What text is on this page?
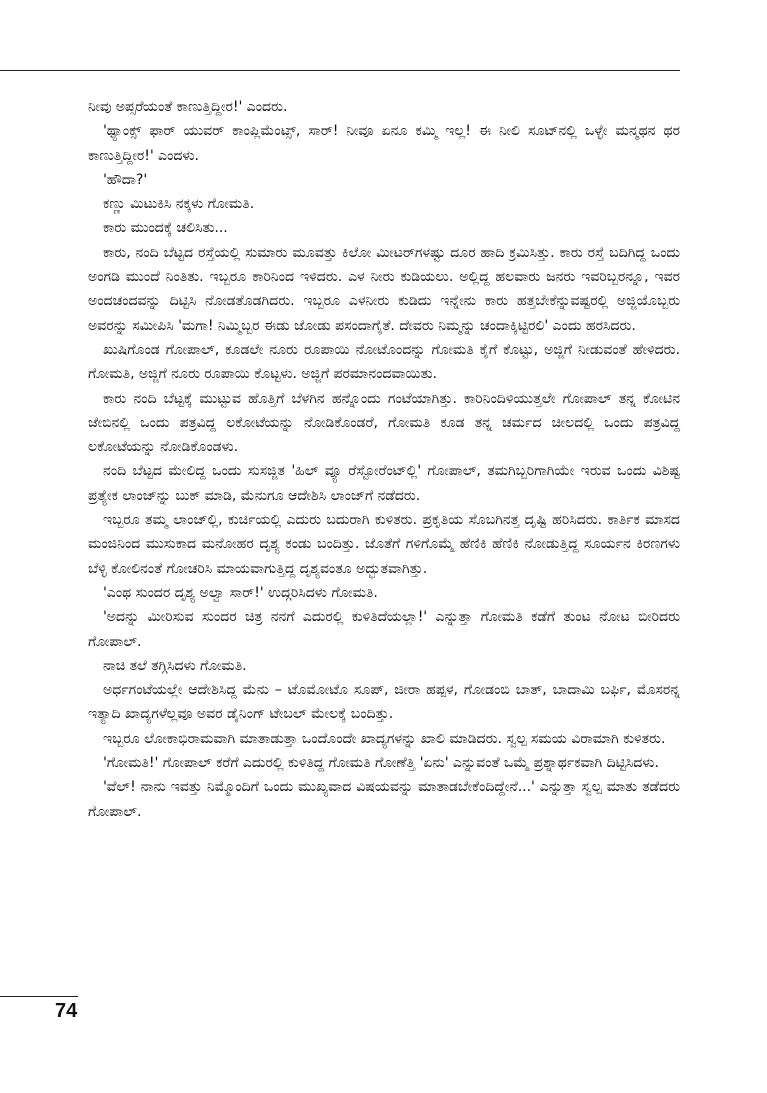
ನೀವು ಅಪ್ಸರೆಯಂತೆ ಕಾಣುತ್ತಿದ್ದೀರ!' ಎಂದರು.

'ಥ್ಯಾಂಕ್ಸ್ ಫಾರ್ ಯುವರ್ ಕಾಂಪ್ಲಿಮೆಂಟ್ಸ್, ಸಾರ್! ನೀವೂ ಏನೂ ಕಮ್ಮಿ ಇಲ್ಲ! ಈ ನೀಲಿ ಸೂಟ್‌ನಲ್ಲಿ ಒಳ್ಳೇ ಮನ್ಮಥನ ಥರ ಕಾಣುತ್ತಿದ್ದೀರ!' ಎಂದಳು.

'ಹೌದಾ?'

ಕಣ್ಣು ಮಿಟುಕಿಸಿ ನಕ್ಕಳು ಗೋಮತಿ.

ಕಾರು ಮುಂದಕ್ಕೆ ಚಲಿಸಿತು...

ಕಾರು, ನಂದಿ ಬೆಟ್ಟದ ರಸ್ತೆಯಲ್ಲಿ ಸುಮಾರು ಮೂವತ್ತು ಕಿಲೋ ಮೀಟರ್‌ಗಳಷ್ಟು ದೂರ ಹಾದಿ ಕ್ರಮಿಸಿತ್ತು. ಕಾರು ರಸ್ತೆ ಬದಿಗಿದ್ದ ಒಂದು ಅಂಗಡಿ ಮುಂದೆ ನಿಂತಿತು. ಇಬ್ಬರೂ ಕಾರಿನಿಂದ ಇಳಿದರು. ಎಳ ನೀರು ಕುಡಿಯಲು. ಅಲ್ಲಿದ್ದ ಹಲವಾರು ಜನರು ಇವರಿಬ್ಬರನ್ನೂ, ಇವರ ಅಂದಚಂದವನ್ನು ದಿಟ್ಟಿಸಿ ನೋಡತೊಡಗಿದರು. ಇಬ್ಬರೂ ಎಳನೀರು ಕುಡಿದು ಇನ್ನೇನು ಕಾರು ಹತ್ತಬೇಕೆನ್ನುವಷ್ಟರಲ್ಲಿ ಅಜ್ಜಿಯೊಬ್ಬರು ಅವರನ್ನು ಸಮೀಪಿಸಿ 'ಮಗಾ! ನಿಮ್ಮಿಬ್ಬರ ಈಡು ಜೋಡು ಪಸಂದಾಗೈತೆ. ದೇವರು ನಿಮ್ಮನ್ನು ಚಂದಾಕ್ಕಿಟ್ಟಿರಲಿ' ಎಂದು ಹರಸಿದರು.

ಖುಷಿಗೊಂಡ ಗೋಪಾಲ್, ಕೂಡಲೇ ನೂರು ರೂಪಾಯಿ ನೋಟೊಂದನ್ನು ಗೋಮತಿ ಕೈಗೆ ಕೊಟ್ಟು, ಅಜ್ಜಿಗೆ ನೀಡುವಂತೆ ಹೇಳಿದರು. ಗೋಮತಿ, ಅಜ್ಜಿಗೆ ನೂರು ರೂಪಾಯಿ ಕೊಟ್ಟಳು. ಅಜ್ಜಿಗೆ ಪರಮಾನಂದವಾಯಿತು.

ಕಾರು ನಂದಿ ಬೆಟ್ಟಕ್ಕೆ ಮುಟ್ಟುವ ಹೊತ್ತಿಗೆ ಬೆಳಗಿನ ಹನ್ನೊಂದು ಗಂಟೆಯಾಗಿತ್ತು. ಕಾರಿನಿಂದಿಳಿಯುತ್ತಲೇ ಗೋಪಾಲ್ ತನ್ನ ಕೋಟಿನ ಜೇಬಿನಲ್ಲಿ ಒಂದು ಪತ್ರವಿದ್ದ ಲಕೋಟೆಯನ್ನು ನೋಡಿಕೊಂಡರೆ, ಗೋಮತಿ ಕೂಡ ತನ್ನ ಚರ್ಮದ ಚೀಲದಲ್ಲಿ ಒಂದು ಪತ್ರವಿದ್ದ ಲಕೋಟೆಯನ್ನು ನೋಡಿಕೊಂಡಳು.

ನಂದಿ ಬೆಟ್ಟದ ಮೇಲಿದ್ದ ಒಂದು ಸುಸಜ್ಜಿತ 'ಹಿಲ್ ವ್ಯೂ ರೆಸ್ಟೋರೆಂಟ್‌ಲ್ಲಿ' ಗೋಪಾಲ್, ತಮಗಿಬ್ಬರಿಗಾಗಿಯೇ ಇರುವ ಒಂದು ವಿಶಿಷ್ಟ ಪ್ರತ್ಯೇಕ ಲಾಂಜ್‌ನ್ನು ಬುಕ್ ಮಾಡಿ, ಮೆನುಗೂ ಆದೇಶಿಸಿ ಲಾಂಜ್‌ಗೆ ನಡೆದರು.

ಇಬ್ಬರೂ ತಮ್ಮ ಲಾಂಜ್‌ಲ್ಲಿ, ಕುರ್ಚಿಯಲ್ಲಿ ಎದುರು ಬದುರಾಗಿ ಕುಳಿತರು. ಪ್ರಕೃತಿಯ ಸೊಬಗಿನತ್ತ ದೃಷ್ಟಿ ಹರಿಸಿದರು. ಕಾರ್ತಿಕ ಮಾಸದ ಮಂಜಿನಿಂದ ಮುಸುಕಾದ ಮನೋಹರ ದೃಶ್ಯ ಕಂಡು ಬಂದಿತ್ತು. ಜೊತೆಗೆ ಗಳಿಗೊಮ್ಮೆ ಹೆಣಿಕಿ ಹೆಣಿಕಿ ನೋಡುತ್ತಿದ್ದ ಸೂರ್ಯನ ಕಿರಣಗಳು ಬೆಳ್ಳಿ ಕೋಲಿನಂತೆ ಗೋಚರಿಸಿ ಮಾಯವಾಗುತ್ತಿದ್ದ ದೃಶ್ಯವಂತೂ ಅದ್ಭುತವಾಗಿತ್ತು.

'ಎಂಥ ಸುಂದರ ದೃಶ್ಯ ಅಲ್ವಾ ಸಾರ್!' ಉದ್ಗರಿಸಿದಳು ಗೋಮತಿ.

'ಅದನ್ನು ಮೀರಿಸುವ ಸುಂದರ ಚಿತ್ರ ನನಗೆ ಎದುರಲ್ಲಿ ಕುಳಿತಿದೆಯಲ್ಲಾ!' ಎನ್ನುತ್ತಾ ಗೋಮತಿ ಕಡೆಗೆ ತುಂಟ ನೋಟ ಬೀರಿದರು ಗೋಪಾಲ್.

ನಾಚಿ ತಲೆ ತಗ್ಗಿಸಿದಳು ಗೋಮತಿ.

ಅರ್ಧಗಂಟೆಯಲ್ಲೇ ಆದೇಶಿಸಿದ್ದ ಮೆನು – ಟೊಮೋಟೊ ಸೂಪ್, ಜೀರಾ ಹಪ್ಪಳ, ಗೋಡಂಬಿ ಬಾತ್, ಬಾದಾಮಿ ಬರ್ಫಿ, ಮೊಸರನ್ನ ಇತ್ಯಾದಿ ಖಾದ್ಯಗಳೆಲ್ಲವೂ ಅವರ ಡೈನಿಂಗ್ ಟೇಬಲ್ ಮೇಲಕ್ಕೆ ಬಂದಿತ್ತು.

ಇಬ್ಬರೂ ಲೋಕಾಭಿರಾಮವಾಗಿ ಮಾತಾಡುತ್ತಾ ಒಂದೊಂದೇ ಖಾದ್ಯಗಳನ್ನು ಖಾಲಿ ಮಾಡಿದರು. ಸ್ವಲ್ಪ ಸಮಯ ವಿರಾಮಾಗಿ ಕುಳಿತರು.

'ಗೋಮತಿ!' ಗೋಪಾಲ್ ಕರೆಗೆ ಎದುರಲ್ಲಿ ಕುಳಿತಿದ್ದ ಗೋಮತಿ ಗೋಣೆತ್ತಿ 'ಏನು' ಎನ್ನುವಂತೆ ಒಮ್ಮೆ ಪ್ರಶ್ನಾರ್ಥಕವಾಗಿ ದಿಟ್ಟಿಸಿದಳು.

'ವೆಲ್! ನಾನು ಇವತ್ತು ನಿಮ್ಮೊಂದಿಗೆ ಒಂದು ಮುಖ್ಯವಾದ ವಿಷಯವನ್ನು ಮಾತಾಡಬೇಕೆಂದಿದ್ದೇನೆ...' ಎನ್ನುತ್ತಾ ಸ್ವಲ್ಪ ಮಾತು ತಡೆದರು ಗೋಪಾಲ್.

74
